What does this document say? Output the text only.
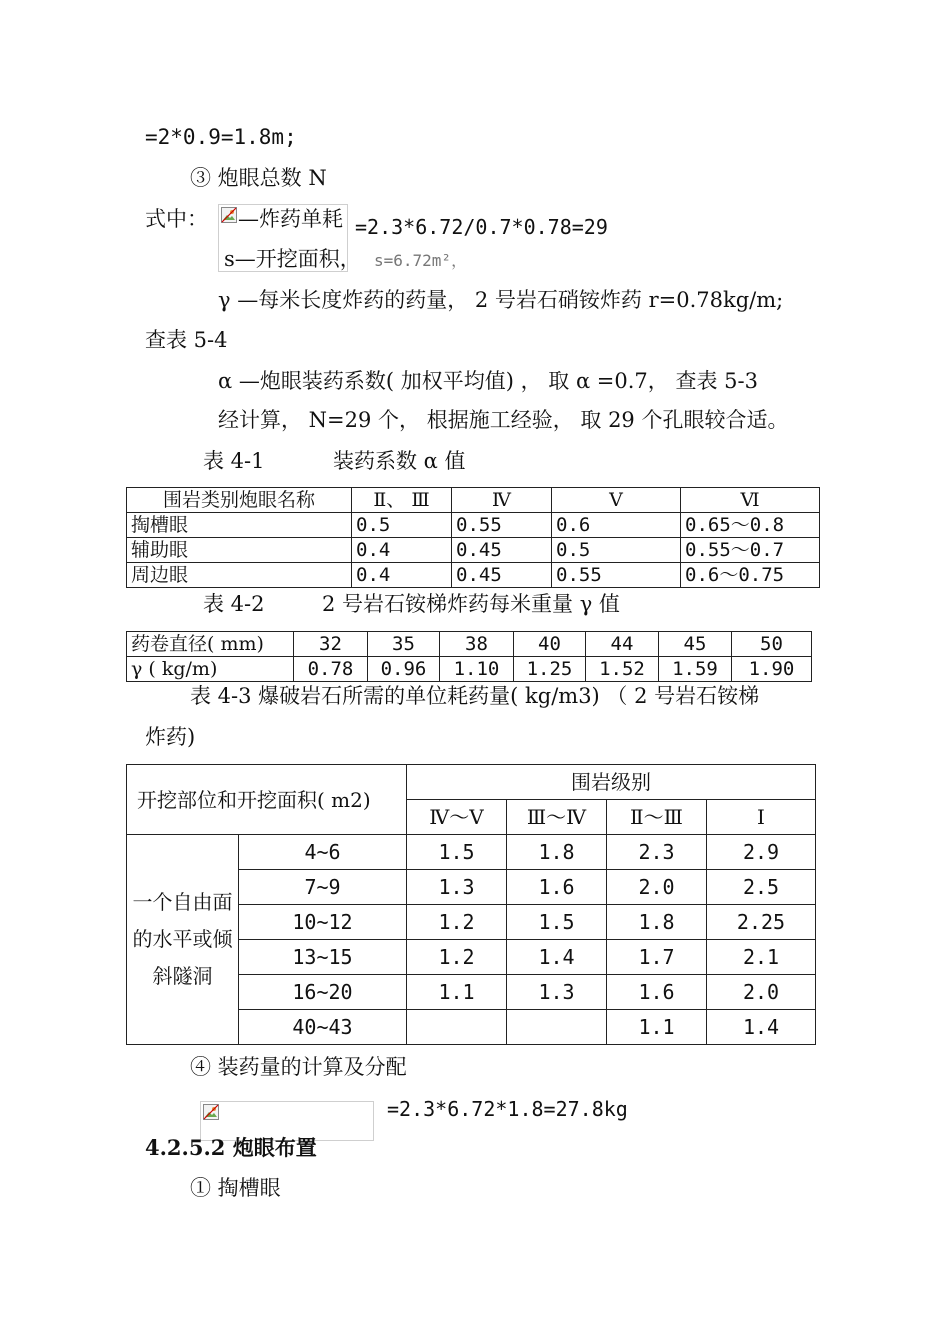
=2*0.9=1.8m;
③ 炮眼总数 N
式中： —炸药单耗 =2.3*6.72/0.7*0.78=29
s—开挖面积， s=6.72m²，
γ —每米长度炸药的药量， 2 号岩石硝铵炸药 r=0.78kg/m;
查表 5-4
α —炮眼装药系数( 加权平均值) ， 取 α =0.7， 查表 5-3
经计算， N=29 个， 根据施工经验， 取 29 个孔眼较合适。
表 4-1	装药系数 α 值
围岩类别炮眼名称	Ⅱ、 Ⅲ	Ⅳ	Ⅴ	Ⅵ
掏槽眼	0.5	0.55	0.6	0.65～0.8
辅助眼	0.4	0.45	0.5	0.55～0.7
周边眼	0.4	0.45	0.55	0.6～0.75
表 4-2	2 号岩石铵梯炸药每米重量 γ 值
药卷直径( mm)	32	35	38	40	44	45	50
γ ( kg/m)	0.78	0.96	1.10	1.25	1.52	1.59	1.90
表 4-3 爆破岩石所需的单位耗药量( kg/m3) （ 2 号岩石铵梯
炸药)
开挖部位和开挖面积( m2)		围岩级别			
		Ⅳ～Ⅴ	Ⅲ～Ⅳ	Ⅱ～Ⅲ	Ⅰ
一个自由面的水平或倾斜隧洞	4~6	1.5	1.8	2.3	2.9
	7~9	1.3	1.6	2.0	2.5
	10~12	1.2	1.5	1.8	2.25
	13~15	1.2	1.4	1.7	2.1
	16~20	1.1	1.3	1.6	2.0
	40~43			1.1	1.4
④ 装药量的计算及分配
=2.3*6.72*1.8=27.8kg
4.2.5.2 炮眼布置
① 掏槽眼
